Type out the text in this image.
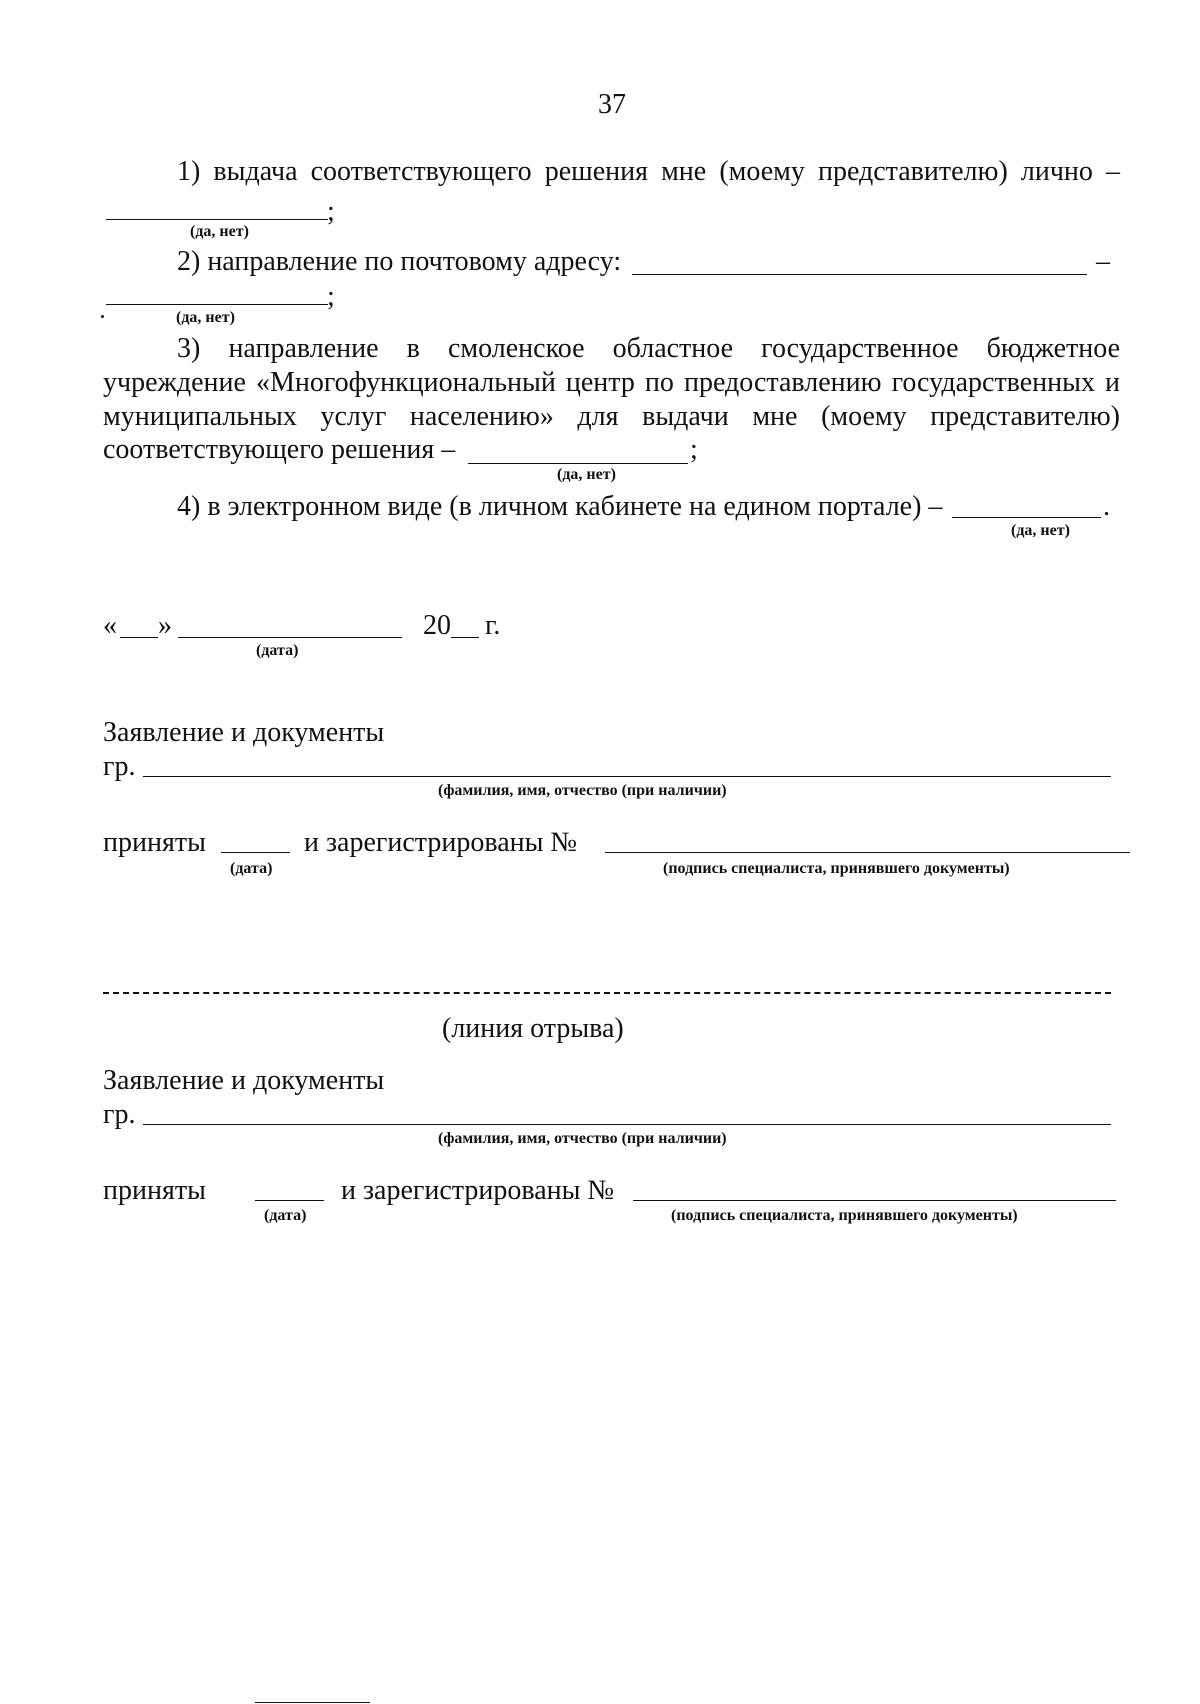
37
1) выдача соответствующего решения мне (моему представителю) лично –
;
(да, нет)
2) направление по почтовому адресу:	–
;
(да, нет)
3) направление в смоленское областное государственное бюджетное
учреждение «Многофункциональный центр по предоставлению государственных и
муниципальных услуг населению» для выдачи мне (моему представителю)
соответствующего решения –	;
(да, нет)
4) в электронном виде (в личном кабинете на едином портале) –	.
(да, нет)
« »	20 г.
(дата)
Заявление и документы
гр.
(фамилия, имя, отчество (при наличии)
приняты	и зарегистрированы №
(дата)	(подпись специалиста, принявшего документы)
(линия отрыва)
Заявление и документы
гр.
(фамилия, имя, отчество (при наличии)
приняты	и зарегистрированы №
(дата)	(подпись специалиста, принявшего документы)
